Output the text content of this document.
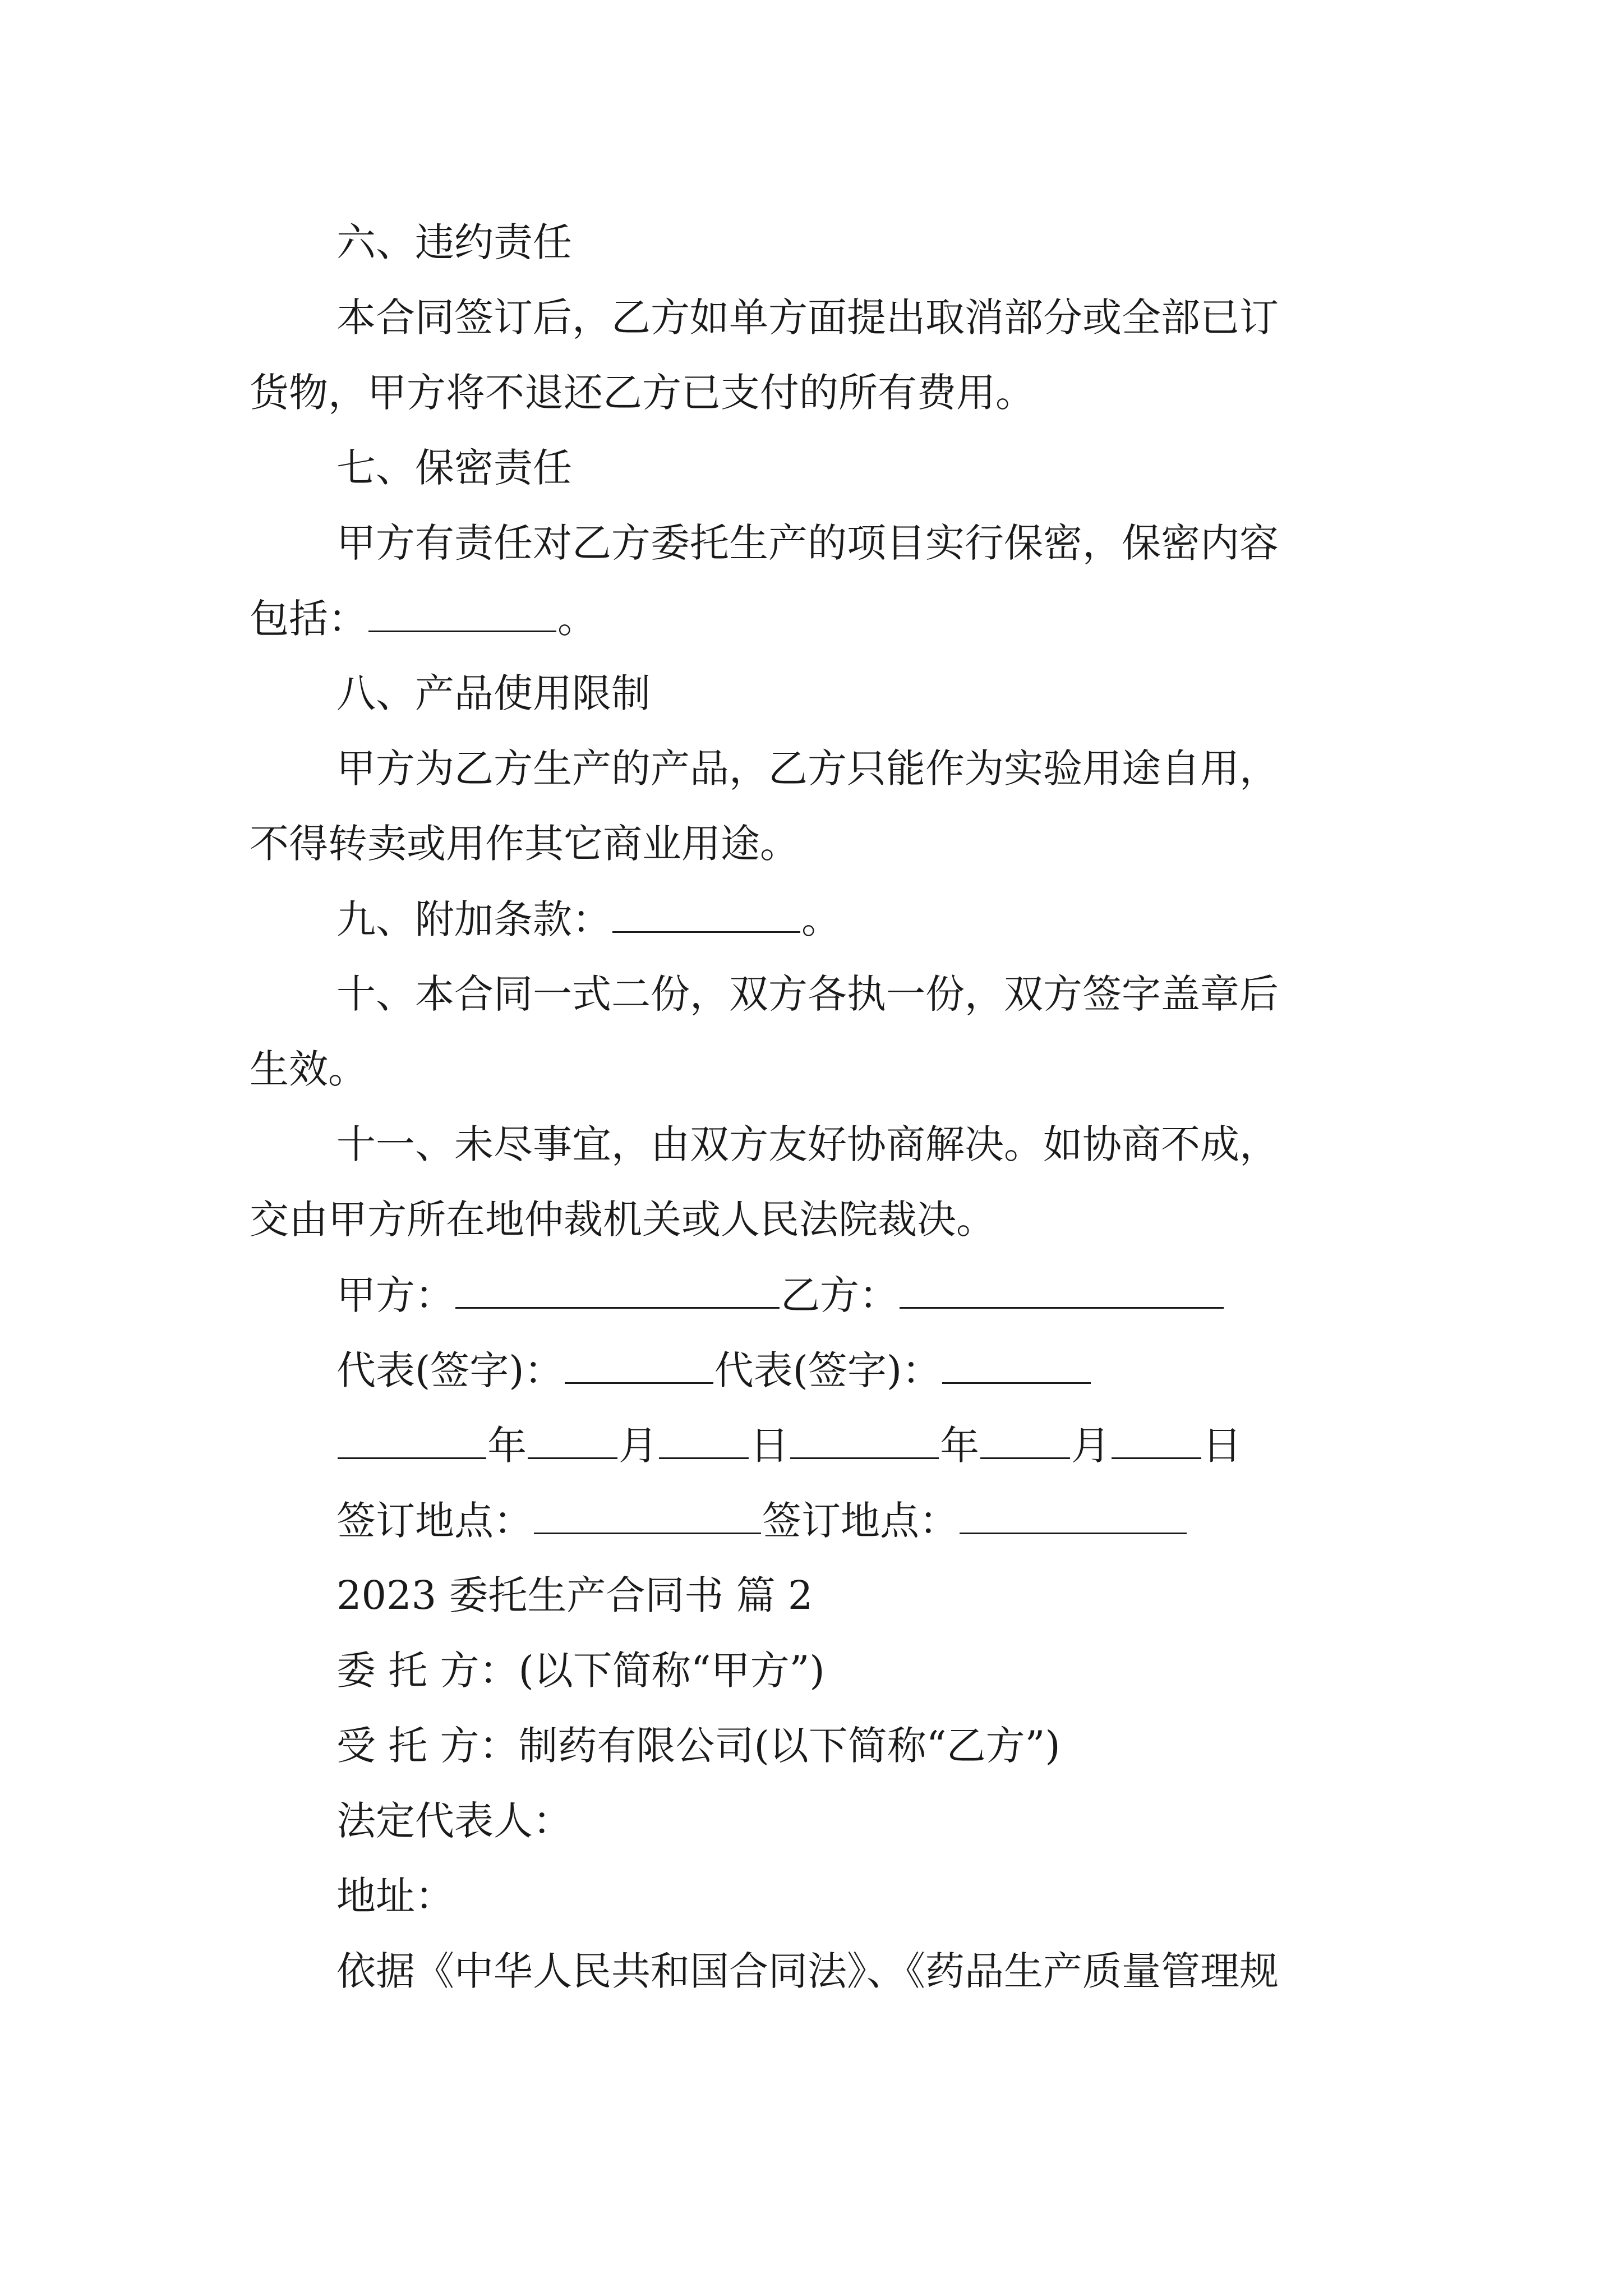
六、违约责任
本合同签订后，乙方如单方面提出取消部分或全部已订
货物，甲方将不退还乙方已支付的所有费用。
七、保密责任
甲方有责任对乙方委托生产的项目实行保密，保密内容
包括：	。
八、产品使用限制
甲方为乙方生产的产品，乙方只能作为实验用途自用，
不得转卖或用作其它商业用途。
九、附加条款：	。
十、本合同一式二份，双方各执一份，双方签字盖章后
生效。
十一、未尽事宜，由双方友好协商解决。如协商不成，
交由甲方所在地仲裁机关或人民法院裁决。
甲方：	乙方：
代表(签字)：	代表(签字)：
年 月 日	年 月 日
签订地点：	签订地点：
2023 委托生产合同书 篇 2
委 托 方：(以下简称“甲方”)
受 托 方：制药有限公司(以下简称“乙方”)
法定代表人：
地址：
依据《中华人民共和国合同法》、《药品生产质量管理规
